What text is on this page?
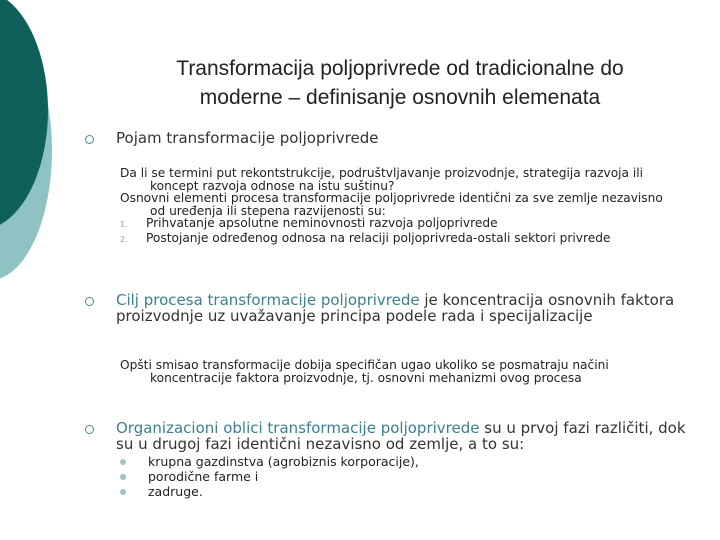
Transformacija poljoprivrede od tradicionalne do
moderne – definisanje osnovnih elemenata
Pojam transformacije poljoprivrede
Da li se termini put rekontstrukcije, podruštvljavanje proizvodnje, strategija razvoja ili koncept razvoja odnose na istu suštinu?
Osnovni elementi procesa transformacije poljoprivrede identični za sve zemlje nezavisno od uređenja ili stepena razvijenosti su:
1. Prihvatanje apsolutne neminovnosti razvoja poljoprivrede
2. Postojanje određenog odnosa na relaciji poljoprivreda-ostali sektori privrede
Cilj procesa transformacije poljoprivrede je koncentracija osnovnih faktora proizvodnje uz uvažavanje principa podele rada i specijalizacije
Opšti smisao transformacije dobija specifičan ugao ukoliko se posmatraju načini koncentracije faktora proizvodnje, tj. osnovni mehanizmi ovog procesa
Organizacioni oblici transformacije poljoprivrede su u prvoj fazi različiti, dok su u drugoj fazi identični nezavisno od zemlje, a to su:
krupna gazdinstva (agrobiznis korporacije),
porodične farme i
zadruge.
